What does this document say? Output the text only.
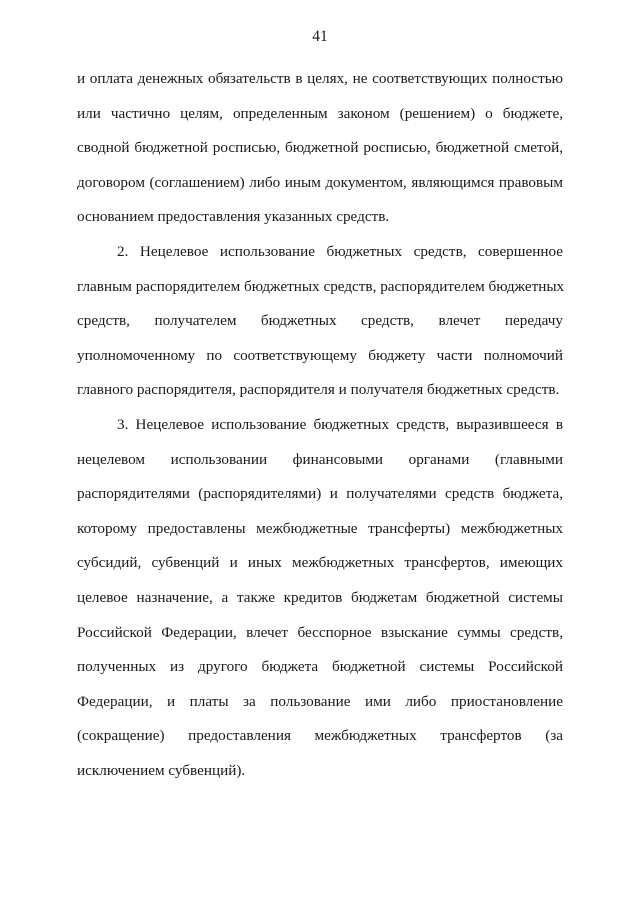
41
и оплата денежных обязательств в целях, не соответствующих полностью
или частично целям, определенным законом (решением) о бюджете,
сводной бюджетной росписью, бюджетной росписью, бюджетной сметой,
договором (соглашением) либо иным документом, являющимся правовым
основанием предоставления указанных средств.
2. Нецелевое использование бюджетных средств, совершенное
главным распорядителем бюджетных средств, распорядителем бюджетных
средств, получателем бюджетных средств, влечет передачу
уполномоченному по соответствующему бюджету части полномочий
главного распорядителя, распорядителя и получателя бюджетных средств.
3. Нецелевое использование бюджетных средств, выразившееся в
нецелевом использовании финансовыми органами (главными
распорядителями (распорядителями) и получателями средств бюджета,
которому предоставлены межбюджетные трансферты) межбюджетных
субсидий, субвенций и иных межбюджетных трансфертов, имеющих
целевое назначение, а также кредитов бюджетам бюджетной системы
Российской Федерации, влечет бесспорное взыскание суммы средств,
полученных из другого бюджета бюджетной системы Российской
Федерации, и платы за пользование ими либо приостановление
(сокращение) предоставления межбюджетных трансфертов (за
исключением субвенций).
